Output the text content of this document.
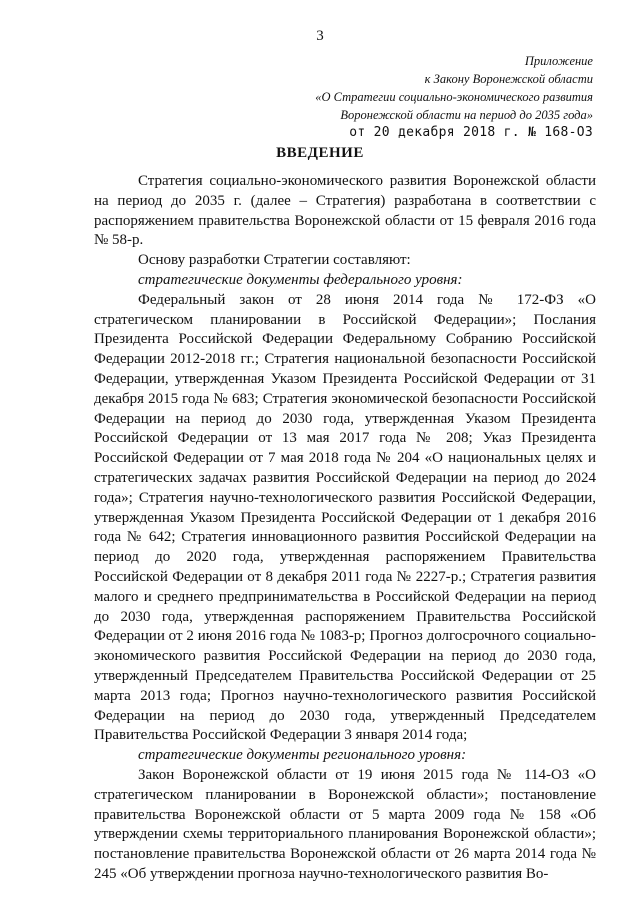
3
Приложение
к Закону Воронежской области
«О Стратегии социально-экономического развития
Воронежской области на период до 2035 года»
от 20 декабря 2018 г. № 168-ОЗ
ВВЕДЕНИЕ

Стратегия социально-экономического развития Воронежской области на период до 2035 г. (далее – Стратегия) разработана в соответствии с распоряжением правительства Воронежской области от 15 февраля 2016 года № 58-р.

Основу разработки Стратегии составляют:

стратегические документы федерального уровня:

Федеральный закон от 28 июня 2014 года № 172-ФЗ «О стратегическом планировании в Российской Федерации»; Послания Президента Российской Федерации Федеральному Собранию Российской Федерации 2012-2018 гг.; Стратегия национальной безопасности Российской Федерации, утвержденная Указом Президента Российской Федерации от 31 декабря 2015 года № 683; Стратегия экономической безопасности Российской Федерации на период до 2030 года, утвержденная Указом Президента Российской Федерации от 13 мая 2017 года № 208; Указ Президента Российской Федерации от 7 мая 2018 года № 204 «О национальных целях и стратегических задачах развития Российской Федерации на период до 2024 года»; Стратегия научно-технологического развития Российской Федерации, утвержденная Указом Президента Российской Федерации от 1 декабря 2016 года № 642; Стратегия инновационного развития Российской Федерации на период до 2020 года, утвержденная распоряжением Правительства Российской Федерации от 8 декабря 2011 года № 2227-р.; Стратегия развития малого и среднего предпринимательства в Российской Федерации на период до 2030 года, утвержденная распоряжением Правительства Российской Федерации от 2 июня 2016 года № 1083-р; Прогноз долгосрочного социально-экономического развития Российской Федерации на период до 2030 года, утвержденный Председателем Правительства Российской Федерации от 25 марта 2013 года; Прогноз научно-технологического развития Российской Федерации на период до 2030 года, утвержденный Председателем Правительства Российской Федерации 3 января 2014 года;

стратегические документы регионального уровня:

Закон Воронежской области от 19 июня 2015 года № 114-ОЗ «О стратегическом планировании в Воронежской области»; постановление правительства Воронежской области от 5 марта 2009 года № 158 «Об утверждении схемы территориального планирования Воронежской области»; постановление правительства Воронежской области от 26 марта 2014 года № 245 «Об утверждении прогноза научно-технологического развития Во-
